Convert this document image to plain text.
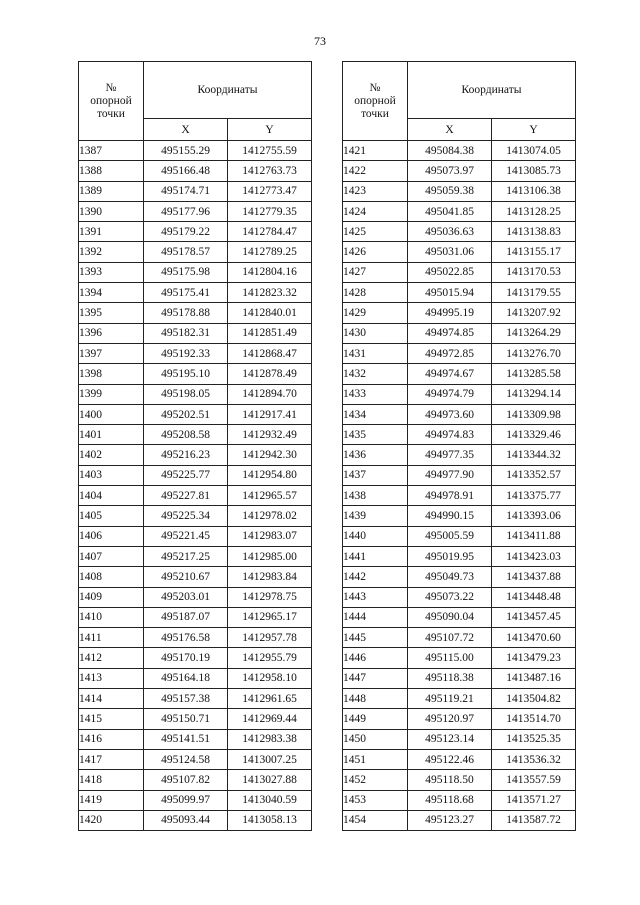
73
№
опорной
точки	Координаты	
	X	Y
1387	495155.29	1412755.59
1388	495166.48	1412763.73
1389	495174.71	1412773.47
1390	495177.96	1412779.35
1391	495179.22	1412784.47
1392	495178.57	1412789.25
1393	495175.98	1412804.16
1394	495175.41	1412823.32
1395	495178.88	1412840.01
1396	495182.31	1412851.49
1397	495192.33	1412868.47
1398	495195.10	1412878.49
1399	495198.05	1412894.70
1400	495202.51	1412917.41
1401	495208.58	1412932.49
1402	495216.23	1412942.30
1403	495225.77	1412954.80
1404	495227.81	1412965.57
1405	495225.34	1412978.02
1406	495221.45	1412983.07
1407	495217.25	1412985.00
1408	495210.67	1412983.84
1409	495203.01	1412978.75
1410	495187.07	1412965.17
1411	495176.58	1412957.78
1412	495170.19	1412955.79
1413	495164.18	1412958.10
1414	495157.38	1412961.65
1415	495150.71	1412969.44
1416	495141.51	1412983.38
1417	495124.58	1413007.25
1418	495107.82	1413027.88
1419	495099.97	1413040.59
1420	495093.44	1413058.13
№
опорной
точки	Координаты	
	X	Y
1421	495084.38	1413074.05
1422	495073.97	1413085.73
1423	495059.38	1413106.38
1424	495041.85	1413128.25
1425	495036.63	1413138.83
1426	495031.06	1413155.17
1427	495022.85	1413170.53
1428	495015.94	1413179.55
1429	494995.19	1413207.92
1430	494974.85	1413264.29
1431	494972.85	1413276.70
1432	494974.67	1413285.58
1433	494974.79	1413294.14
1434	494973.60	1413309.98
1435	494974.83	1413329.46
1436	494977.35	1413344.32
1437	494977.90	1413352.57
1438	494978.91	1413375.77
1439	494990.15	1413393.06
1440	495005.59	1413411.88
1441	495019.95	1413423.03
1442	495049.73	1413437.88
1443	495073.22	1413448.48
1444	495090.04	1413457.45
1445	495107.72	1413470.60
1446	495115.00	1413479.23
1447	495118.38	1413487.16
1448	495119.21	1413504.82
1449	495120.97	1413514.70
1450	495123.14	1413525.35
1451	495122.46	1413536.32
1452	495118.50	1413557.59
1453	495118.68	1413571.27
1454	495123.27	1413587.72
